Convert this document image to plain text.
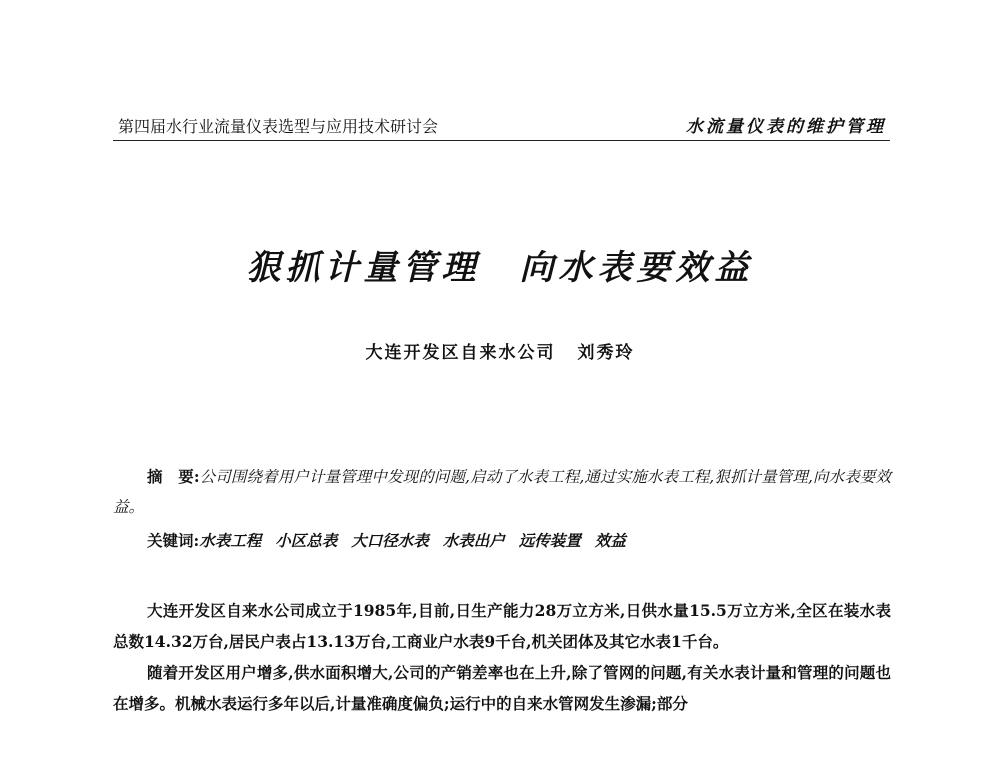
第四届水行业流量仪表选型与应用技术研讨会	水流量仪表的维护管理
狠抓计量管理　向水表要效益
大连开发区自来水公司 刘秀玲
摘　要:公司围绕着用户计量管理中发现的问题,启动了水表工程,通过实施水表工程,狠抓计量管理,向水表要效益。
关键词:水表工程 小区总表 大口径水表 水表出户 远传装置 效益

大连开发区自来水公司成立于1985年,目前,日生产能力28万立方米,日供水量15.5万立方米,全区在装水表总数14.32万台,居民户表占13.13万台,工商业户水表9千台,机关团体及其它水表1千台。

随着开发区用户增多,供水面积增大,公司的产销差率也在上升,除了管网的问题,有关水表计量和管理的问题也在增多。机械水表运行多年以后,计量准确度偏负;运行中的自来水管网发生渗漏;部分
